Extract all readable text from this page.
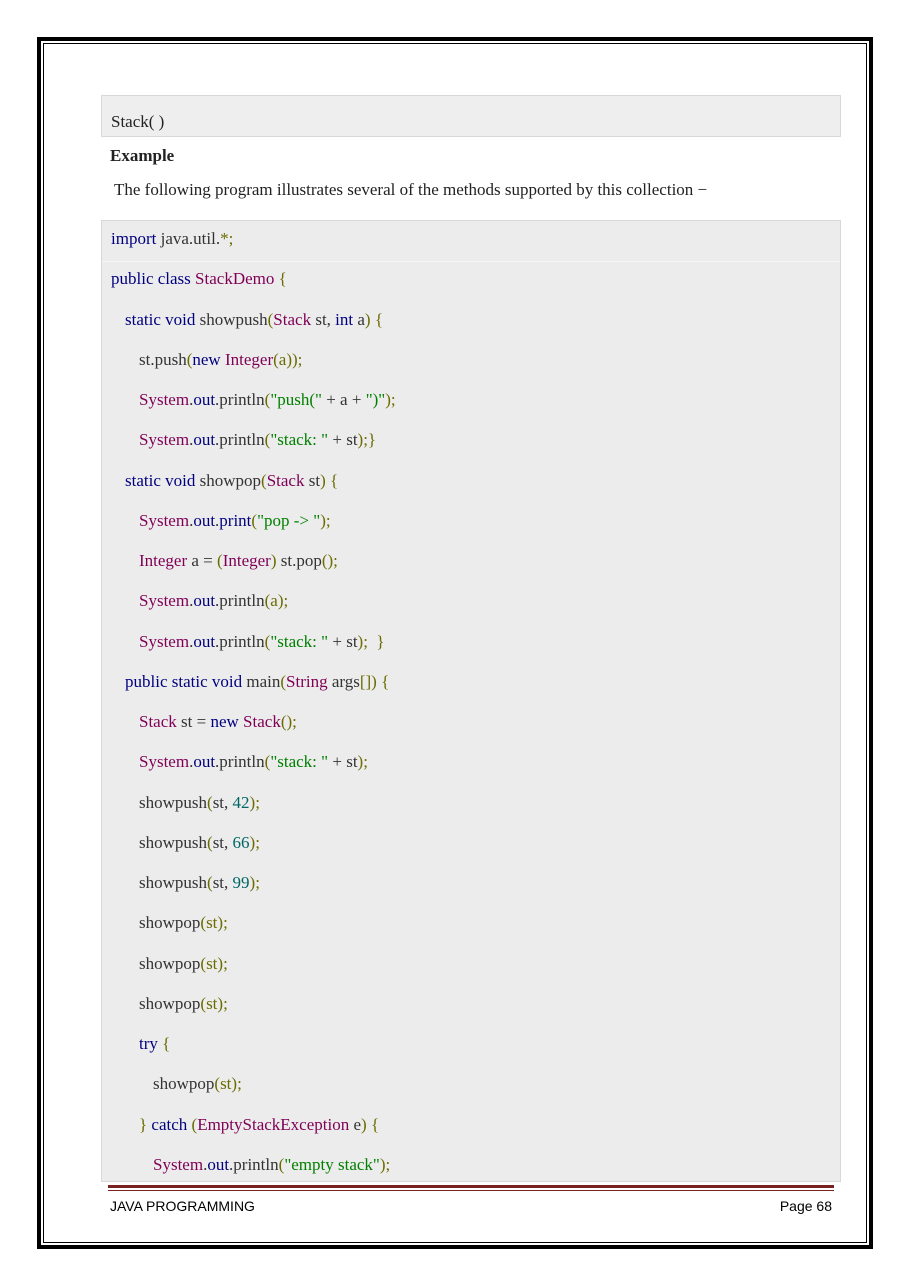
Stack( )
Example
The following program illustrates several of the methods supported by this collection −
import java.util.*;
public class StackDemo {
static void showpush(Stack st, int a) {
st.push(new Integer(a));
System.out.println("push(" + a + ")");
System.out.println("stack: " + st);}
static void showpop(Stack st) {
System.out.print("pop -> ");
Integer a = (Integer) st.pop();
System.out.println(a);
System.out.println("stack: " + st);  }
public static void main(String args[]) {
Stack st = new Stack();
System.out.println("stack: " + st);
showpush(st, 42);
showpush(st, 66);
showpush(st, 99);
showpop(st);
showpop(st);
showpop(st);
try {
showpop(st);
} catch (EmptyStackException e) {
System.out.println("empty stack");
JAVA PROGRAMMING	Page 68
